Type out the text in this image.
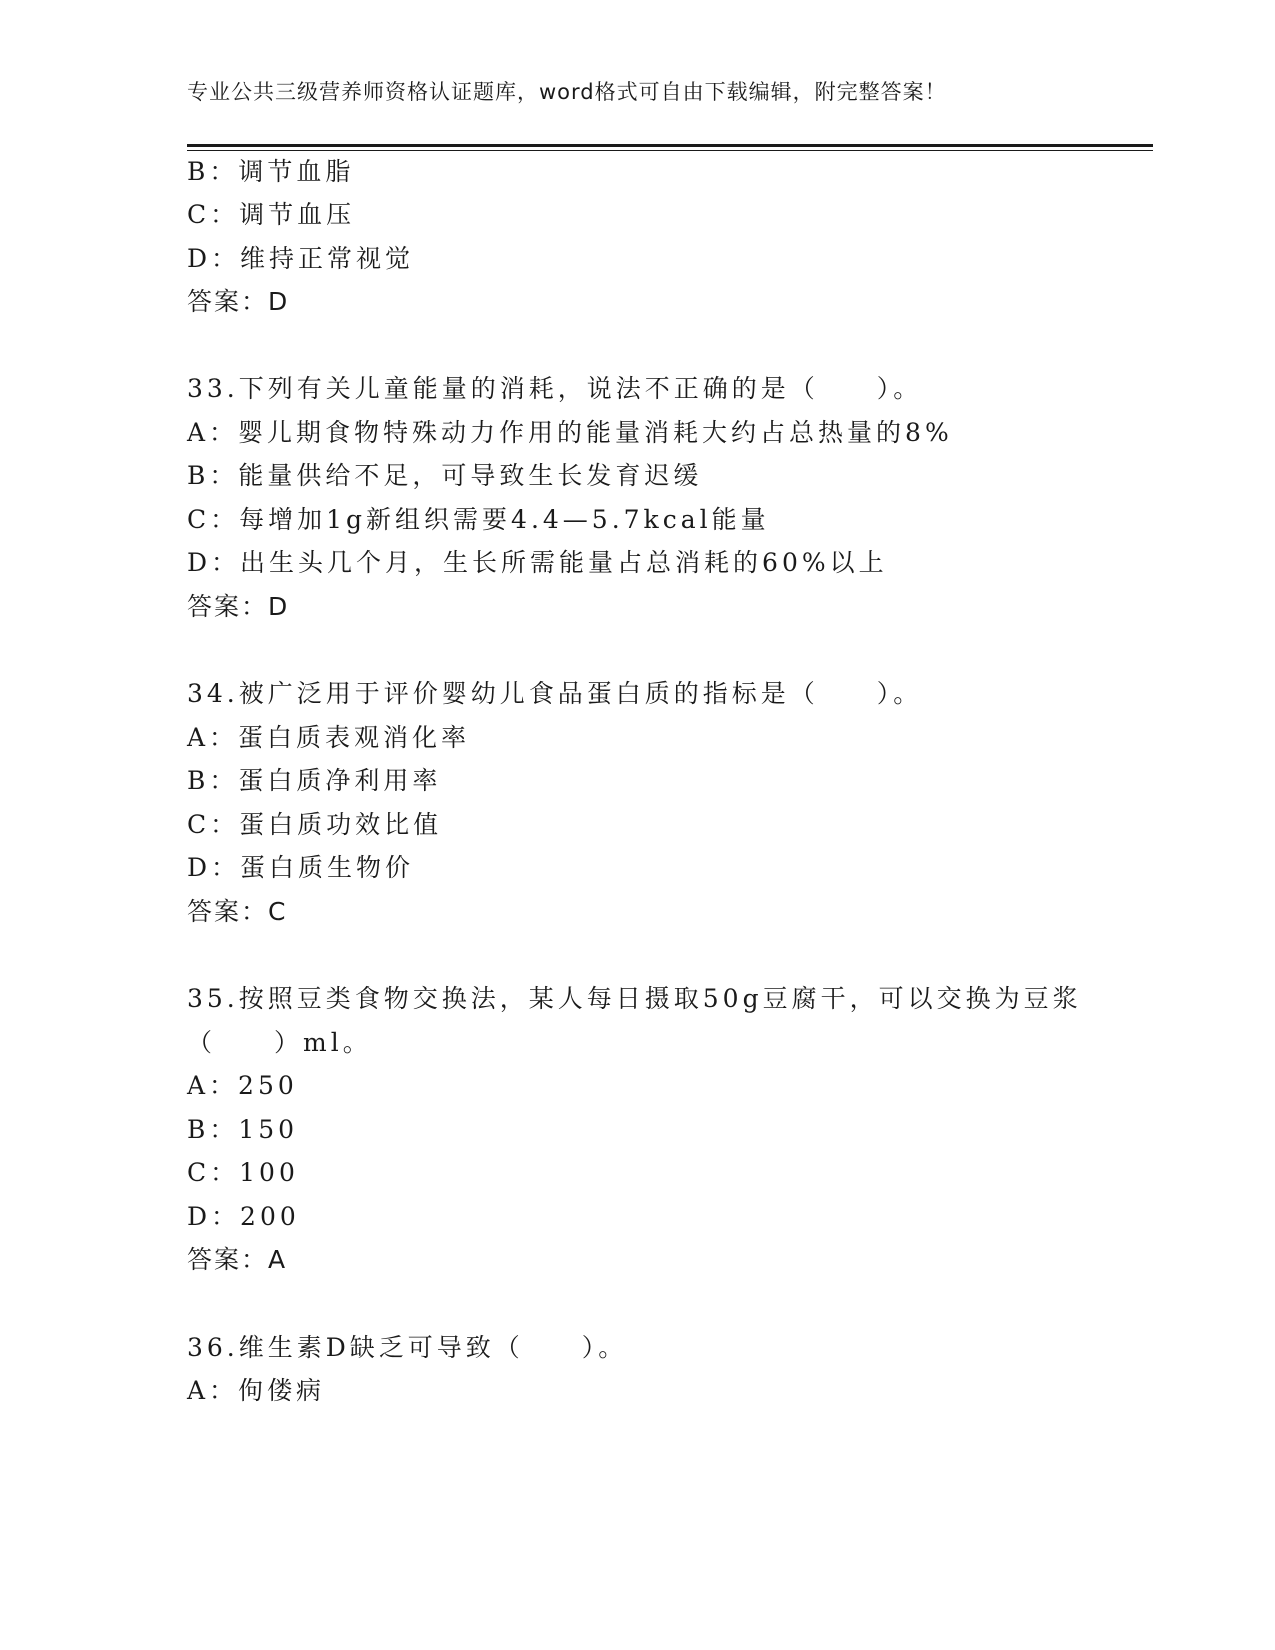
专业公共三级营养师资格认证题库，word格式可自由下载编辑，附完整答案！
B：调节血脂
C：调节血压
D：维持正常视觉
答案：D
33.下列有关儿童能量的消耗，说法不正确的是（　　）。
A：婴儿期食物特殊动力作用的能量消耗大约占总热量的8%
B：能量供给不足，可导致生长发育迟缓
C：每增加1g新组织需要4.4—5.7kcal能量
D：出生头几个月，生长所需能量占总消耗的60%以上
答案：D
34.被广泛用于评价婴幼儿食品蛋白质的指标是（　　）。
A：蛋白质表观消化率
B：蛋白质净利用率
C：蛋白质功效比值
D：蛋白质生物价
答案：C
35.按照豆类食物交换法，某人每日摄取50g豆腐干，可以交换为豆浆
（　　）ml。
A：250
B：150
C：100
D：200
答案：A
36.维生素D缺乏可导致（　　）。
A：佝偻病
